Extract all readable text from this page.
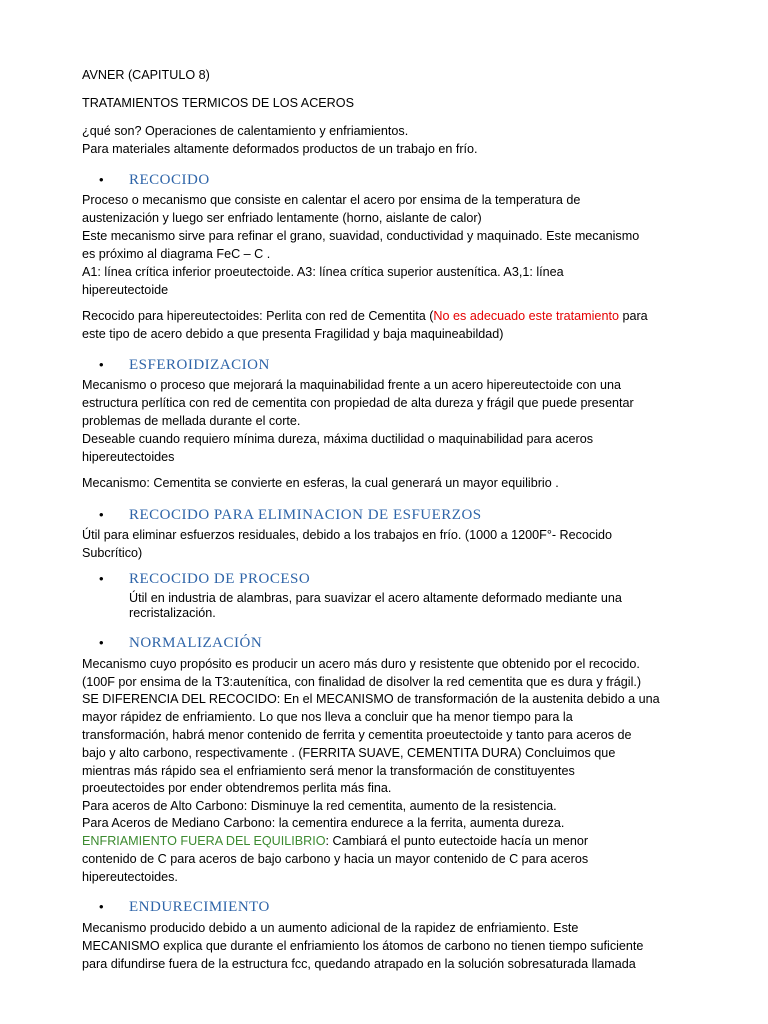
AVNER (CAPITULO 8)
TRATAMIENTOS TERMICOS DE LOS ACEROS
¿qué son? Operaciones de calentamiento y enfriamientos.
Para materiales altamente deformados productos de un trabajo en frío.
• RECOCIDO
Proceso o mecanismo que consiste en calentar el acero por ensima de la temperatura de
austenización y luego ser enfriado lentamente (horno, aislante de calor)
Este mecanismo sirve para refinar el grano, suavidad, conductividad y maquinado. Este mecanismo
es próximo al diagrama FeC – C .
A1: línea crítica inferior proeutectoide. A3: línea crítica superior austenítica. A3,1: línea
hipereutectoide
Recocido para hipereutectoides: Perlita con red de Cementita (No es adecuado este tratamiento para
este tipo de acero debido a que presenta Fragilidad y baja maquineabildad)
• ESFEROIDIZACION
Mecanismo o proceso que mejorará la maquinabilidad frente a un acero hipereutectoide con una
estructura perlítica con red de cementita con propiedad de alta dureza y frágil que puede presentar
problemas de mellada durante el corte.
Deseable cuando requiero mínima dureza, máxima ductilidad o maquinabilidad para aceros
hipereutectoides
Mecanismo: Cementita se convierte en esferas, la cual generará un mayor equilibrio .
• RECOCIDO PARA ELIMINACION DE ESFUERZOS
Útil para eliminar esfuerzos residuales, debido a los trabajos en frío. (1000 a 1200F°- Recocido
Subcrítico)
• RECOCIDO DE PROCESO
Útil en industria de alambras, para suavizar el acero altamente deformado mediante una
recristalización.
• NORMALIZACIÓN
Mecanismo cuyo propósito es producir un acero más duro y resistente que obtenido por el recocido.
(100F por ensima de la T3:autenítica, con finalidad de disolver la red cementita que es dura y frágil.)
SE DIFERENCIA DEL RECOCIDO: En el MECANISMO de transformación de la austenita debido a una
mayor rápidez de enfriamiento. Lo que nos lleva a concluir que ha menor tiempo para la
transformación, habrá menor contenido de ferrita y cementita proeutectoide y tanto para aceros de
bajo y alto carbono, respectivamente . (FERRITA SUAVE, CEMENTITA DURA) Concluimos que
mientras más rápido sea el enfriamiento será menor la transformación de constituyentes
proeutectoides por ender obtendremos perlita más fina.
Para aceros de Alto Carbono: Disminuye la red cementita, aumento de la resistencia.
Para Aceros de Mediano Carbono: la cementira endurece a la ferrita, aumenta dureza.
ENFRIAMIENTO FUERA DEL EQUILIBRIO: Cambiará el punto eutectoide hacía un menor
contenido de C para aceros de bajo carbono y hacia un mayor contenido de C para aceros
hipereutectoides.
• ENDURECIMIENTO
Mecanismo producido debido a un aumento adicional de la rapidez de enfriamiento. Este
MECANISMO explica que durante el enfriamiento los átomos de carbono no tienen tiempo suficiente
para difundirse fuera de la estructura fcc, quedando atrapado en la solución sobresaturada llamada
